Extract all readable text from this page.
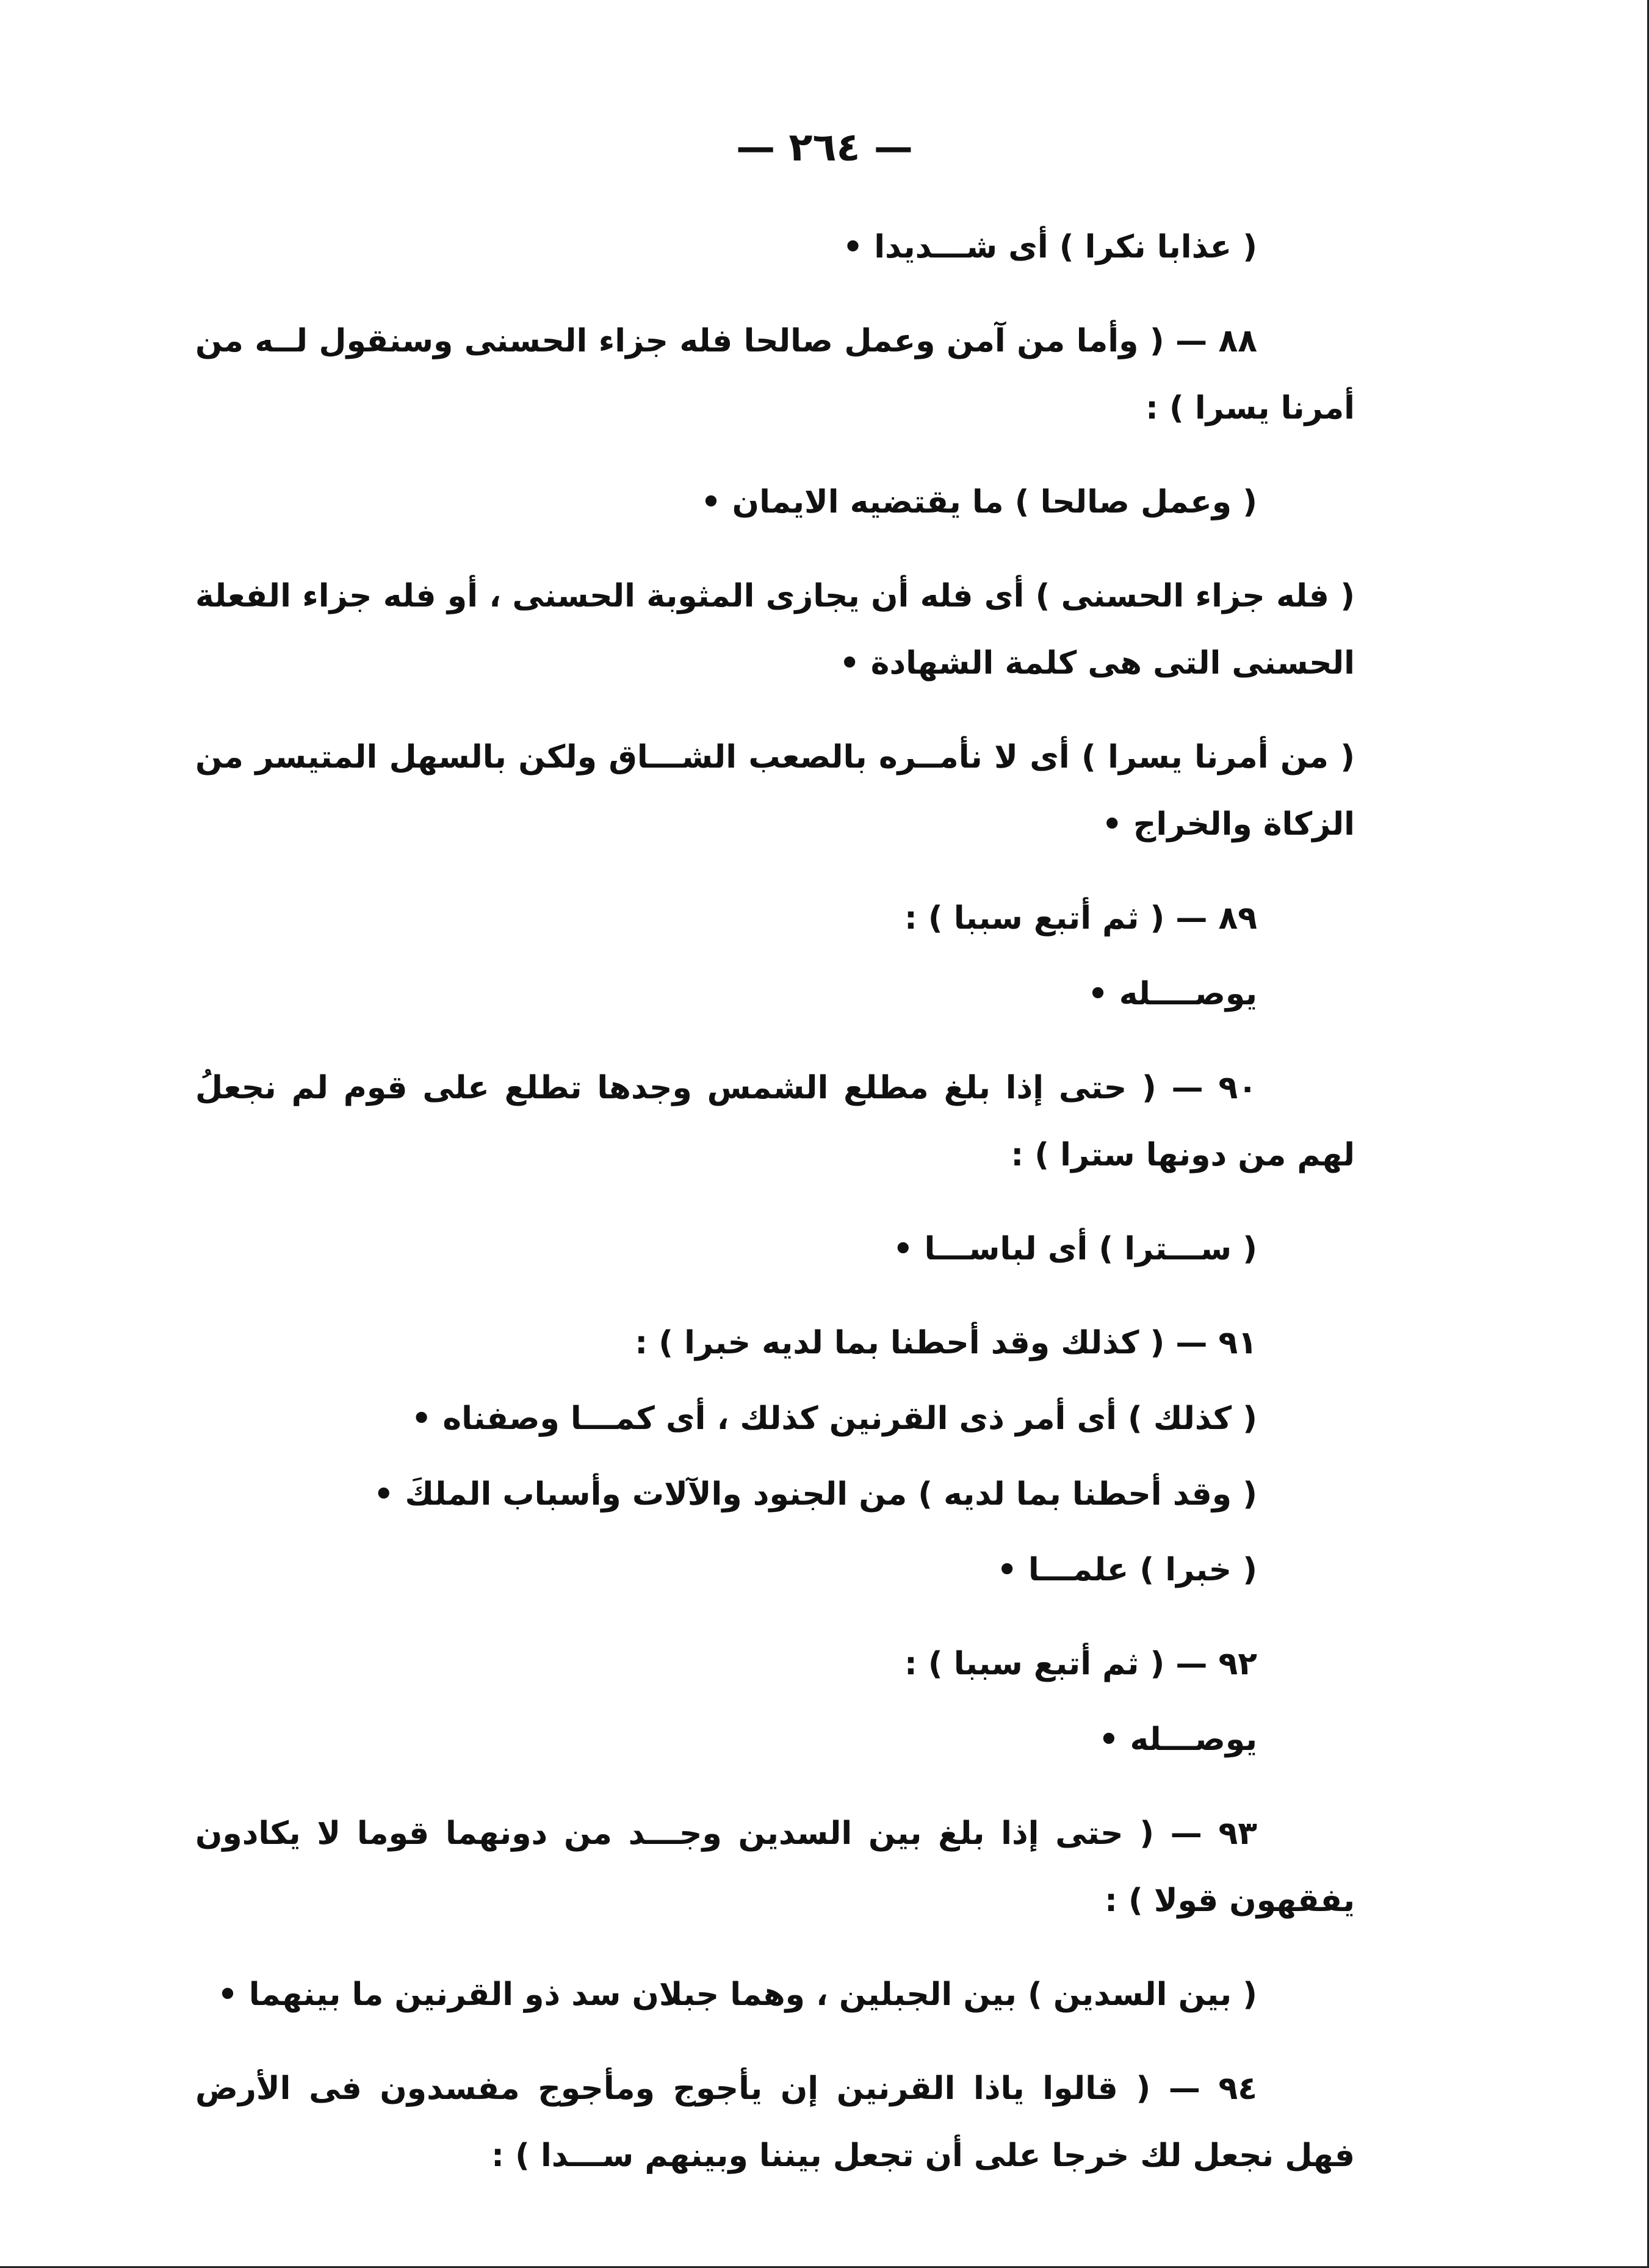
— ٢٦٤ —

( عذابا نكرا ) أى شـــديدا •

٨٨ — ( وأما من آمن وعمل صالحا فله جزاء الحسنى وسنقول لــه من أمرنا يسرا ) :

( وعمل صالحا ) ما يقتضيه الايمان •

( فله جزاء الحسنى ) أى فله أن يجازى المثوبة الحسنى ، أو فله جزاء الفعلة الحسنى التى هى كلمة الشهادة •

( من أمرنا يسرا ) أى لا نأمــره بالصعب الشـــاق ولكن بالسهل المتيسر من الزكاة والخراج •

٨٩ — ( ثم أتبع سببا ) :

يوصــــله •

٩٠ — ( حتى إذا بلغ مطلع الشمس وجدها تطلع على قوم لم نجعلُ لهم من دونها سترا ) :

( ســـترا ) أى لباســـا •

٩١ — ( كذلك وقد أحطنا بما لديه خبرا ) :

( كذلك ) أى أمر ذى القرنين كذلك ، أى كمـــا وصفناه •

( وقد أحطنا بما لديه ) من الجنود والآلات وأسباب الملكَ •

( خبرا ) علمـــا •

٩٢ — ( ثم أتبع سببا ) :

يوصـــله •

٩٣ — ( حتى إذا بلغ بين السدين وجـــد من دونهما قوما لا يكادون يفقهون قولا ) :

( بين السدين ) بين الجبلين ، وهما جبلان سد ذو القرنين ما بينهما •

٩٤ — ( قالوا ياذا القرنين إن يأجوج ومأجوج مفسدون فى الأرض فهل نجعل لك خرجا على أن تجعل بيننا وبينهم ســـدا ) :
